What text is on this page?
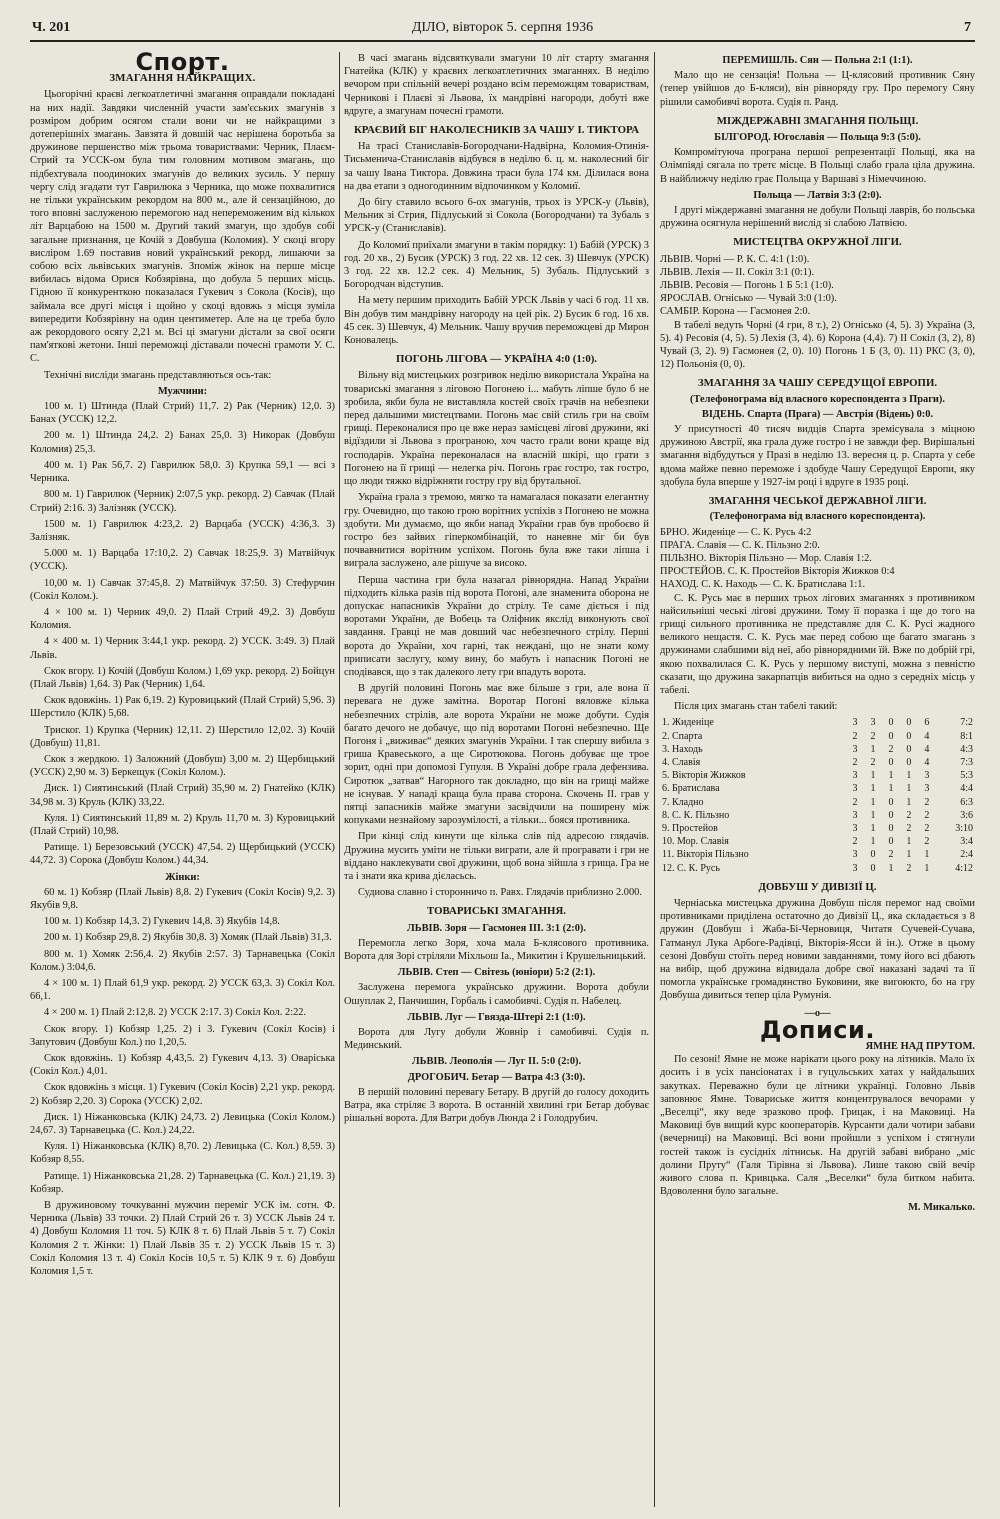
Ч. 201	ДІЛО, вівторок 5. серпня 1936	7
Спорт.
ЗМАГАННЯ НАЙКРАЩИХ.

Цьогорічні краєві легкоатлетичні змагання оправдали покладані на них надії. Завдяки численній участи зам'єських змагунів з розміром добрим осягом стали вони чи не найкращими з дотеперішніх змагань. Завзята й довшій час нерішена боротьба за дружинове першенство між трьома товариствами: Черник, Плаєм-Стрий та УССК-ом була тим головним мотивом змагань, що підбехтувала поодиноких змагунів до великих зусиль. У першу чергу слід згадати тут Гаврилюка з Черника, що може похвалитися не тільки українським рекордом на 800 м., але й сензаційною, до того вповні заслуженою перемогою над непереможеним від кількох літ Варцабою на 1500 м. Другий такий змагун, що здобув собі загальне признання, це Кочій з Довбуша (Коломия). У скоці вгору висліром 1.69 поставив новий український рекорд, лишаючи за собою всіх львівських змагунів. Зпоміж жінок на перше місце вибилась відома Орися Кобзярівна, що добула 5 перших місць. Гідною її конкуренткою показалася Гукевич з Сокола (Косів), що займала все другі місця і щойно у скоці вдовжь з місця зуміла випередити Кобзярівну на один центиметер. Але на це треба було аж рекордового осягу 2,21 м. Всі ці змагуни дістали за свої осяги пам'яткові жетони. Інші переможці діставали почесні грамоти У. С. С.

Технічні висліди змагань представляються ось-так:

Мужчини:

100 м. 1) Штинда (Плай Стрий) 11,7. 2) Рак (Черник) 12,0. 3) Банах (УССК) 12,2.

200 м. 1) Штинда 24,2. 2) Банах 25,0. 3) Никорак (Довбуш Коломия) 25,3.

400 м. 1) Рак 56,7. 2) Гаврилюк 58,0. 3) Крупка 59,1 — всі з Черника.

800 м. 1) Гаврилюк (Черник) 2:07,5 укр. рекорд. 2) Савчак (Плай Стрий) 2:16. 3) Залізняк (УССК).

1500 м. 1) Гаврилюк 4:23,2. 2) Варцаба (УССК) 4:36,3. 3) Залізняк.

5.000 м. 1) Варцаба 17:10,2. 2) Савчак 18:25,9. 3) Матвійчук (УССК).

10,00 м. 1) Савчак 37:45,8. 2) Матвійчук 37:50. 3) Стефурчин (Сокіл Колом.).

4 × 100 м. 1) Черник 49,0. 2) Плай Стрий 49,2. 3) Довбуш Коломия.

4 × 400 м. 1) Черник 3:44,1 укр. рекорд. 2) УССК. 3:49. 3) Плай Львів.

Скок вгору. 1) Кочій (Довбуш Колом.) 1,69 укр. рекорд. 2) Бойцун (Плай Львів) 1,64. 3) Рак (Черник) 1,64.

Скок вдовжінь. 1) Рак 6,19. 2) Куровицький (Плай Стрий) 5,96. 3) Шерстило (КЛК) 5,68.

Триског. 1) Крупка (Черник) 12,11. 2) Шерстило 12,02. 3) Кочій (Довбуш) 11,81.

Скок з жердкою. 1) Заложний (Довбуш) 3,00 м. 2) Щербицький (УССК) 2,90 м. 3) Беркещук (Сокіл Колом.).

Диск. 1) Сиятинський (Плай Стрий) 35,90 м. 2) Гнатейко (КЛК) 34,98 м. 3) Круль (КЛК) 33,22.

Куля. 1) Сиятинський 11,89 м. 2) Круль 11,70 м. 3) Куровицький (Плай Стрий) 10,98.

Ратище. 1) Березовський (УССК) 47,54. 2) Щербицький (УССК) 44,72. 3) Сорока (Довбуш Колом.) 44,34.

Жінки:

60 м. 1) Кобзяр (Плай Львів) 8,8. 2) Гукевич (Сокіл Косів) 9,2. 3) Якубів 9,8.

100 м. 1) Кобзяр 14,3. 2) Гукевич 14,8. 3) Якубів 14,8.

200 м. 1) Кобзяр 29,8. 2) Якубів 30,8. 3) Хомяк (Плай Львів) 31,3.

800 м. 1) Хомяк 2:56,4. 2) Якубів 2:57. 3) Тарнавецька (Сокіл Колом.) 3:04,6.

4 × 100 м. 1) Плай 61,9 укр. рекорд. 2) УССК 63,3. 3) Сокіл Кол. 66,1.

4 × 200 м. 1) Плай 2:12,8. 2) УССК 2:17. 3) Сокіл Кол. 2:22.

Скок вгору. 1) Кобзяр 1,25. 2) і 3. Гукевич (Сокіл Косів) і Запутович (Довбуш Кол.) по 1,20,5.

Скок вдовжінь. 1) Кобзяр 4,43,5. 2) Гукевич 4,13. 3) Оваріська (Сокіл Кол.) 4,01.

Скок вдовжінь з місця. 1) Гукевич (Сокіл Косів) 2,21 укр. рекорд. 2) Кобзяр 2,20. 3) Сорока (УССК) 2,02.

Диск. 1) Ніжанковська (КЛК) 24,73. 2) Левицька (Сокіл Колом.) 24,67. 3) Тарнавецька (С. Кол.) 24,22.

Куля. 1) Ніжанковська (КЛК) 8,70. 2) Левицька (С. Кол.) 8,59. 3) Кобзяр 8,55.

Ратище. 1) Ніжанковська 21,28. 2) Тарнавецька (С. Кол.) 21,19. 3) Кобзяр.

В дружиновому точкуванні мужчин переміг УСК ім. сотн. Ф. Черника (Львів) 33 точки. 2) Плай Стрий 26 т. 3) УССК Львів 24 т. 4) Довбуш Коломия 11 точ. 5) КЛК 8 т. 6) Плай Львів 5 т. 7) Сокіл Коломия 2 т. Жінки: 1) Плай Львів 35 т. 2) УССК Львів 15 т. 3) Сокіл Коломия 13 т. 4) Сокіл Косів 10,5 т. 5) КЛК 9 т. 6) Довбуш Коломия 1,5 т.

В часі змагань відсвяткували змагуни 10 літ старту змагання Гнатейка (КЛК) у краєвих легкоатлетичних змаганнях. В неділю вечором при спільній вечері роздано всім переможцям товариствам, Черникові і Плаєві зі Львова, їх мандрівні нагороди, добуті вже вдруге, а змагунам почесні грамоти.

КРАЄВИЙ БІГ НАКОЛЕСНИКІВ ЗА ЧАШУ І. ТИКТОРА

На трасі Станиславів-Богородчани-Надвірна, Коломия-Отинія-Тисьменича-Станиславів відбувся в неділю 6. ц. м. наколесний біг за чашу Івана Тиктора. Довжина траси була 174 км. Ділилася вона на два етапи з одногодинним відпочинком у Коломиї.

До бігу ставило всього 6-ох змагунів, трьох із УРСК-у (Львів), Мельник зі Стрия, Підлуський зі Сокола (Богородчани) та Зубаль з УРСК-у (Станиславів).

До Коломиї приїхали змагуни в такім порядку: 1) Бабій (УРСК) 3 год. 20 хв., 2) Бусик (УРСК) 3 год. 22 хв. 12 сек. 3) Шевчук (УРСК) 3 год. 22 хв. 12.2 сек. 4) Мельник, 5) Зубаль. Підлуський з Богородчан відступив.

На мету першим приходить Бабій УРСК Львів у часі 6 год. 11 хв. Він добув тим мандрівну нагороду на цей рік. 2) Бусик 6 год. 16 хв. 45 сек. 3) Шевчук, 4) Мельник. Чашу вручив переможцеві др Мирон Коновалець.

ПОГОНЬ ЛІГОВА — УКРАЇНА 4:0 (1:0).

Вільну від мистецьких розгривок неділю використала Україна на товариські змагання з ліговою Погонею і... мабуть ліпше було б не зробила, якби була не виставляла костей своїх грачів на небезпеки перед дальшими мистецтвами. Погонь має свій стиль гри на своїм грищі. Переконалися про це вже нераз замісцеві лігові дружини, які відїздили зі Львова з програною, хоч часто грали вони краще від господарів. Україна переконалася на власній шкірі, що грати з Погонею на її грищі — нелегка річ. Погонь грає гостро, так гостро, що люди тяжко відріжняти гостру гру від брутальної.

Україна грала з тремою, мягко та намагалася показати елегантну гру. Очевидно, що такою грою ворітних успіхів з Погонею не можна здобути. Ми думаємо, що якби напад України грав був пробоєво й гостро без зайвих гіперкомбінацій, то наневне міг би був почвавнитися ворітним успіхом. Погонь була вже таки ліпша і виграла заслужено, але рішуче за високо.

Перша частина гри була назагал рівнорядна. Напад України підходить кілька разів під ворота Погоні, але знаменита оборона не допускає напасників України до стрілу. Те саме діється і під воротами України, де Вобець та Оліфник якслід виконують свої завдання. Гравці не мав довший час небезпечного стрілу. Перші ворота до України, хоч гарні, так неждані, що не знати кому приписати заслугу, кому вину, бо мабуть і напасник Погоні не сподівався, що з так далекого лету гри впадуть ворота.

В другій половині Погонь має вже більше з гри, але вона її перевага не дуже замітна. Воротар Погоні вяловже кілька небезпечних стрілів, але ворота України не може добути. Судія багато дечого не добачує, що під воротами Погоні небезпечно. Ще Погоня і „виживає“ деяких змагунів України. І так спершу вибила з гриша Кравеського, а ще Сиротюкова. Погонь добуває ще трое зорит, одні при допомозі Гупуля. В Україні добре грала дефензива. Сиротюк „затвав“ Нагорного так докладно, що він на грищі майже не існував. У нападі краща була права сторона. Скочень ІІ. грав у пятці запасників майже змагуни засвідчили на поширену між копуками незнайому зарозумілості, а тільки... бояся противника.

При кінці слід кинути ще кілька слів під адресою глядачів. Дружина мусить уміти не тільки виграти, але й програвати і гри не віддано наклекувати свої дружини, щоб вона зійшла з грища. Гра не та і знати яка крива дієласьсь.

Судиова славно і сторонничо п. Равх. Глядачів приблизно 2.000.

ТОВАРИСЬКІ ЗМАГАННЯ.
ЛЬВІВ. Зоря — Гасмонея ІІІ. 3:1 (2:0).

Перемогла легко Зоря, хоча мала Б-клясового противника. Ворота для Зорі стріляли Міхльош Іа., Микитин і Крушельницький.

ЛЬВІВ. Степ — Світезь (юніори) 5:2 (2:1).

Заслужена перемога українсько дружини. Ворота добули Ошуплак 2, Панчишин, Горбаль і самобивчі. Судія п. Набелец.

ЛЬВІВ. Луг — Гвязда-Штері 2:1 (1:0).

Ворота для Лугу добули Жовнір і самобивчі. Судія п. Мединський.

ЛЬВІВ. Леополія — Луг ІІ. 5:0 (2:0).
ДРОГОБИЧ. Бетар — Ватра 4:3 (3:0).

В першій половині перевагу Бетару. В другій до голосу доходить Ватра, яка стріляє 3 ворота. В останній хвилині гри Бетар добуває рішальні ворота. Для Ватри добув Люнда 2 і Голодрубич.

ПЕРЕМИШЛЬ. Сян — Польна 2:1 (1:1).

Мало що не сензація! Польна — Ц-клясовий противник Сяну (тепер увійшов до Б-кляси), він рівноряду гру. Про перемогу Сяну рішили самобивчі ворота. Судія п. Ранд.

МІЖДЕРЖАВНІ ЗМАГАННЯ ПОЛЬЩІ.
БІЛГОРОД. Югославія — Польща 9:3 (5:0).

Компромітуюча програна першої репрезентації Польщі, яка на Олімпіяді сягала по третє місце. В Польщі слабо грала ціла дружина. В найближчу неділю грає Польща у Варшаві з Німеччиною.

Польща — Латвія 3:3 (2:0).

І другі міждержавні змагання не добули Польщі лаврів, бо польська дружина осягнула нерішений вислід зі слабою Латвією.

МИСТЕЦТВА ОКРУЖНОЇ ЛІГИ.
ЛЬВІВ. Чорні — Р. К. С. 4:1 (1:0).
ЛЬВІВ. Лехія — ІІ. Сокіл 3:1 (0:1).
ЛЬВІВ. Ресовія — Погонь 1 Б 5:1 (1:0).
ЯРОСЛАВ. Огнісько — Чувай 3:0 (1:0).
САМБІР. Корона — Гасмонея 2:0.

В табелі ведуть Чорні (4 гри, 8 т.), 2) Огнісько (4, 5). 3) Україна (3, 5). 4) Ресовія (4, 5). 5) Лехія (3, 4). 6) Корона (4,4). 7) ІІ Сокіл (3, 2), 8) Чувай (3, 2). 9) Гасмонея (2, 0). 10) Погонь 1 Б (3, 0). 11) РКС (3, 0), 12) Польонія (0, 0).

ЗМАГАННЯ ЗА ЧАШУ СЕРЕДУЩОЇ ЕВРОПИ.
(Телефонограма від власного кореспондента з Праги).
ВІДЕНЬ. Спарта (Прага) — Австрія (Відень) 0:0.

У присутності 40 тисяч видців Спарта зремісувала з міцною дружиною Австрії, яка грала дуже гостро і не завжди фер. Вирішальні змагання відбудуться у Празі в неділю 13. вересня ц. р. Спарта у себе вдома майже певно переможе і здобуде Чашу Середущої Европи, яку здобула була вперше у 1927-ім році і вдруге в 1935 році.

ЗМАГАННЯ ЧЕСЬКОЇ ДЕРЖАВНОЇ ЛІГИ.
(Телефонограма від власного кореспондента).
БРНО. Жиденіце — С. К. Русь 4:2
ПРАГА. Славія — С. К. Пільзно 2:0.
ПІЛЬЗНО. Вікторія Пільзно — Мор. Славія 1:2.
ПРОСТЕЙОВ. С. К. Простейов Вікторія Жижков 0:4
НАХОД. С. К. Находь — С. К. Братислава 1:1.

С. К. Русь має в перших трьох лігових змаганнях з противником найсильніші чеські лігові дружини. Тому її поразка і ще до того на грищі сильного противника не представляє для С. К. Русі жадного великого нещастя. С. К. Русь має перед собою ще багато змагань з дружинами слабшими від неї, або рівнорядними їй. Вже по добрій грі, якою похвалилася С. К. Русь у першому виступі, можна з певністю сказати, що дружина закарпатців вибиться на одно з середніх місць у табелі.

Після цих змагань стан табелі такий:

1. Жиденіце	3	3	0	0	6	7:2
2. Спарта	2	2	0	0	4	8:1
3. Находь	3	1	2	0	4	4:3
4. Славія	2	2	0	0	4	7:3
5. Вікторія Жижков	3	1	1	1	3	5:3
6. Братислава	3	1	1	1	3	4:4
7. Кладно	2	1	0	1	2	6:3
8. С. К. Пільзно	3	1	0	2	2	3:6
9. Простейов	3	1	0	2	2	3:10
10. Мор. Славія	2	1	0	1	2	3:4
11. Вікторія Пільзно	3	0	2	1	1	2:4
12. С. К. Русь	3	0	1	2	1	4:12
ДОВБУШ У ДИВІЗІЇ Ц.

Черніаська мистецька дружина Довбуш після перемог над своїми противниками приділена остаточно до Дивізії Ц., яка складається з 8 дружин (Довбуш і Жаба-Бі-Черновиця, Читатя Сучевей-Сучава, Гатманул Лука Арбоге-Радівці, Вікторія-Ясси й ін.). Отже в цьому сезоні Довбуш стоїть перед новими завданнями, тому його всі дбають на вибір, щоб дружина відвидала добре свої наказані задачі та її помогла українське громадянство Буковини, яке вигоюкто, бо на гру Довбуша дивиться тепер ціла Румунія.

—о—
Дописи.
ЯМНЕ НАД ПРУТОМ.

По сезоні! Ямне не може нарікати цього року на літників. Мало їх досить і в усіх пансіонатах і в гуцульських хатах у найдальших закутках. Переважно були це літники українці. Головно Львів заповнює Ямне. Товариське життя концентрувалося вечорами у „Веселці“, яку веде зразково проф. Грицак, і на Маковиці. На Маковиці був вищий курс кооператорів. Курсанти дали чотири забави (вечерниці) на Маковиці. Всі вони пройшли з успіхом і стягнули гостей також із сусідніх літниськ. На другій забаві вибрано „міс долини Пруту“ (Галя Тірівна зі Львова). Лише такою свій вечір живого слова п. Кривцька. Саля „Веселки“ була битком набита. Вдоволення було загальне.

М. Микалько.
